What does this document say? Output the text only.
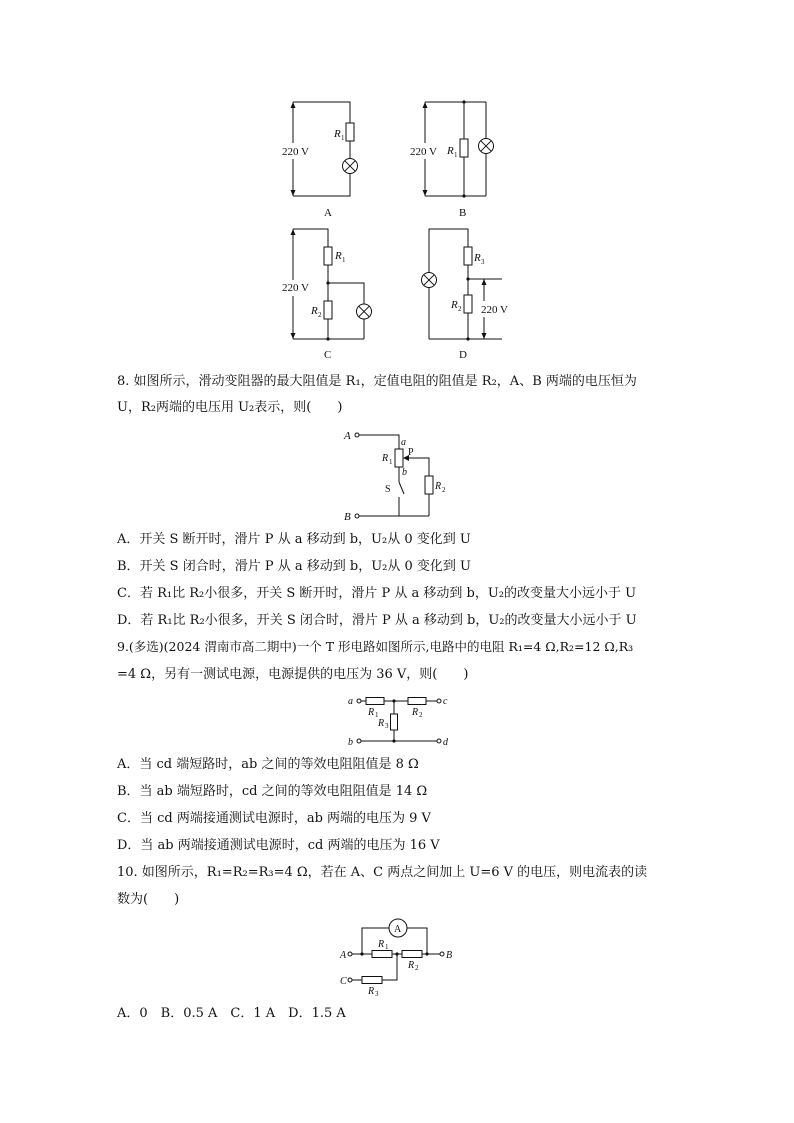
220 V
R 1
A
220 V R 1
B
220 V
R 1
R 2
C
220 V
R 3
R 2
D
8. 如图所示，滑动变阻器的最大阻值是 R₁，定值电阻的阻值是 R₂，A、B 两端的电压恒为
U，R₂两端的电压用 U₂表示，则(　　)
A
B
a
b
P
S
R 1
R 2
A．开关 S 断开时，滑片 P 从 a 移动到 b，U₂从 0 变化到 U
B．开关 S 闭合时，滑片 P 从 a 移动到 b，U₂从 0 变化到 U
C．若 R₁比 R₂小很多，开关 S 断开时，滑片 P 从 a 移动到 b，U₂的改变量大小远小于 U
D．若 R₁比 R₂小很多，开关 S 闭合时，滑片 P 从 a 移动到 b，U₂的改变量大小远小于 U
9.(多选)(2024 渭南市高二期中)一个 T 形电路如图所示,电路中的电阻 R₁=4 Ω,R₂=12 Ω,R₃
=4 Ω，另有一测试电源，电源提供的电压为 36 V，则(　　)
a
b
c
d
R 1	R 2
R 3
A．当 cd 端短路时，ab 之间的等效电阻阻值是 8 Ω
B．当 ab 端短路时，cd 之间的等效电阻阻值是 14 Ω
C．当 cd 两端接通测试电源时，ab 两端的电压为 9 V
D．当 ab 两端接通测试电源时，cd 两端的电压为 16 V
10. 如图所示，R₁=R₂=R₃=4 Ω，若在 A、C 两点之间加上 U=6 V 的电压，则电流表的读
数为(　　)
A
A	B
C
R 1
R 2
R 3
A．0　B．0.5 A　C．1 A　D．1.5 A
